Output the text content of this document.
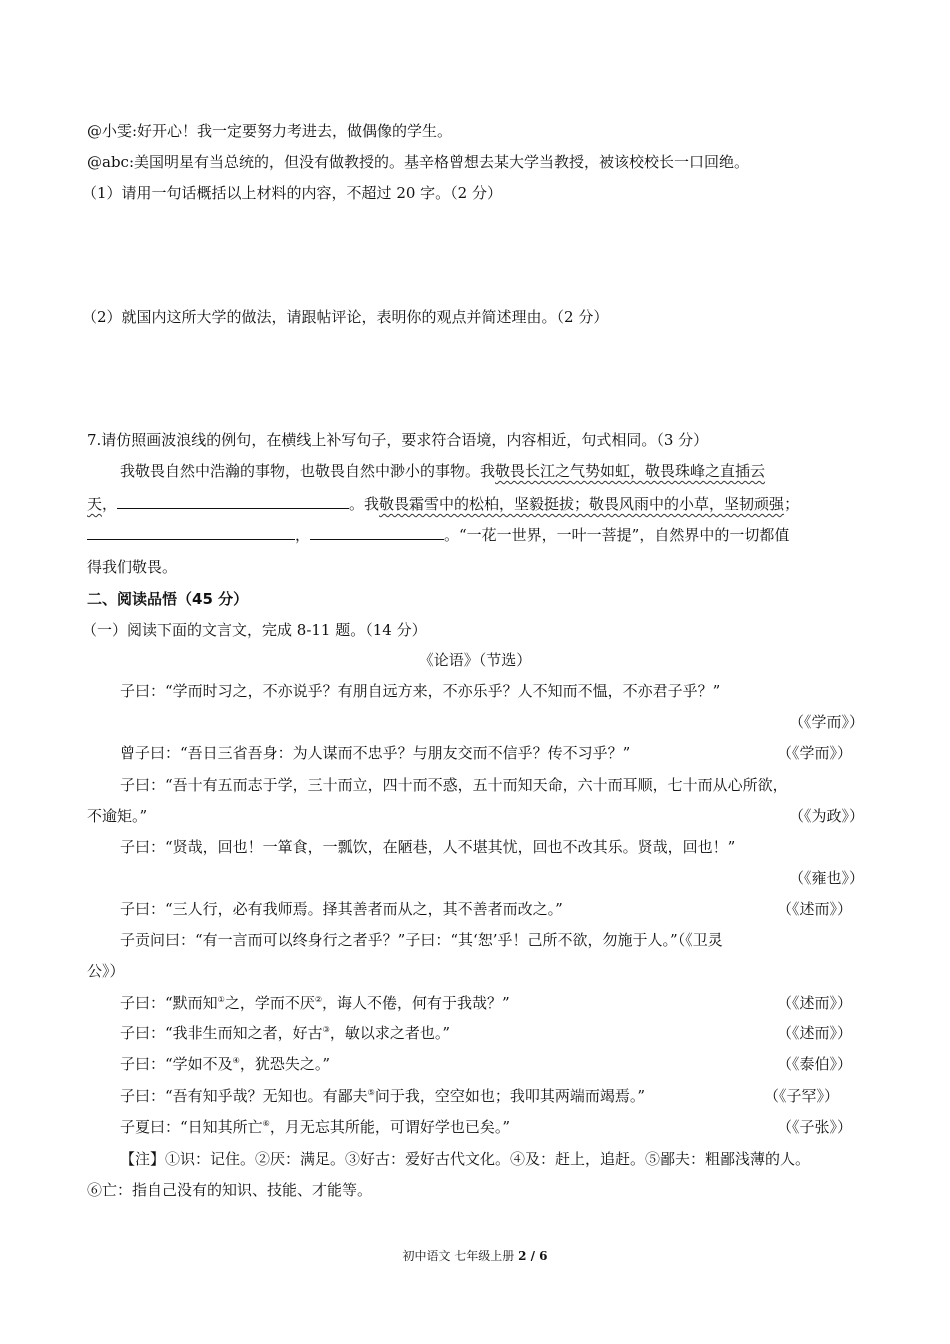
@小雯:好开心！我一定要努力考进去，做偶像的学生。
@abc:美国明星有当总统的，但没有做教授的。基辛格曾想去某大学当教授，被该校校长一口回绝。
（1）请用一句话概括以上材料的内容，不超过 20 字。（2 分）
（2）就国内这所大学的做法，请跟帖评论，表明你的观点并简述理由。（2 分）
7.请仿照画波浪线的例句，在横线上补写句子，要求符合语境，内容相近，句式相同。（3 分）
我敬畏自然中浩瀚的事物，也敬畏自然中渺小的事物。我敬畏长江之气势如虹，敬畏珠峰之直插云
天，	。我敬畏霜雪中的松柏，坚毅挺拔；敬畏风雨中的小草，坚韧顽强；
，	。“一花一世界，一叶一菩提”，自然界中的一切都值
得我们敬畏。
二、阅读品悟（45 分）
（一）阅读下面的文言文，完成 8-11 题。（14 分）
《论语》（节选）
子曰：“学而时习之，不亦说乎？有朋自远方来，不亦乐乎？人不知而不愠，不亦君子乎？”
（《学而》）
曾子曰：“吾日三省吾身：为人谋而不忠乎？与朋友交而不信乎？传不习乎？”	（《学而》）
子曰：“吾十有五而志于学，三十而立，四十而不惑，五十而知天命，六十而耳顺，七十而从心所欲，
不逾矩。”	（《为政》）
子曰：“贤哉，回也！一箪食，一瓢饮，在陋巷，人不堪其忧，回也不改其乐。贤哉，回也！”
（《雍也》）
子曰：“三人行，必有我师焉。择其善者而从之，其不善者而改之。”	（《述而》）
子贡问曰：“有一言而可以终身行之者乎？”子曰：“其‘恕’乎！己所不欲，勿施于人。”（《卫灵
公》）
子曰：“默而知①之，学而不厌②，诲人不倦，何有于我哉？”	（《述而》）
子曰：“我非生而知之者，好古③，敏以求之者也。”	（《述而》）
子曰：“学如不及④，犹恐失之。”	（《泰伯》）
子曰：“吾有知乎哉？无知也。有鄙夫⑤问于我，空空如也；我叩其两端而竭焉。”	（《子罕》）
子夏曰：“日知其所亡⑥，月无忘其所能，可谓好学也已矣。”	（《子张》）
【注】①识：记住。②厌：满足。③好古：爱好古代文化。④及：赶上，追赶。⑤鄙夫：粗鄙浅薄的人。
⑥亡：指自己没有的知识、技能、才能等。
初中语文 七年级上册 2 / 6
